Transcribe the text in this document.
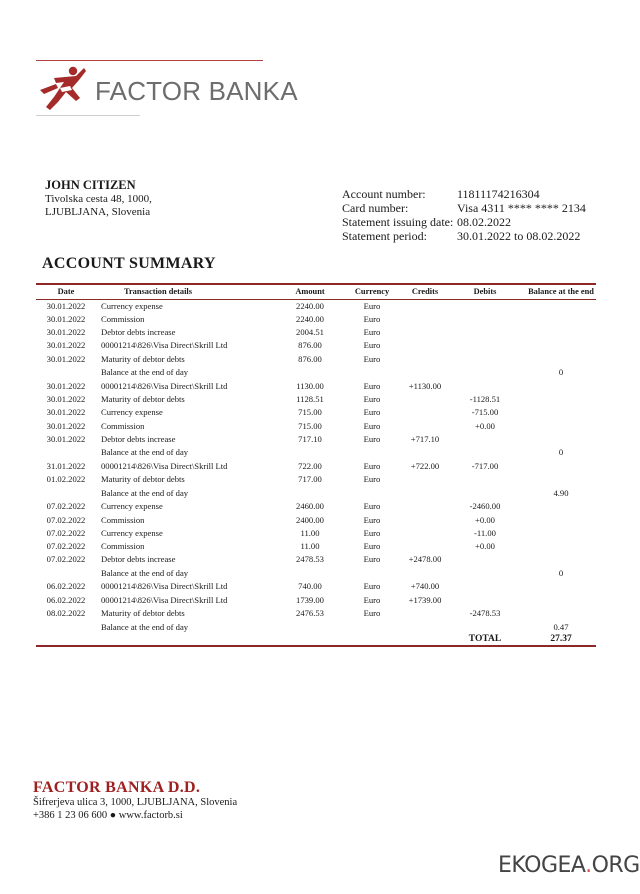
FACTOR BANKA
JOHN CITIZEN
Tivolska cesta 48, 1000,
LJUBLJANA, Slovenia
Account number:	11811174216304
Card number:	Visa 4311 **** **** 2134
Statement issuing date: 08.02.2022
Statement period:	30.01.2022 to 08.02.2022
ACCOUNT SUMMARY
Date	Transaction details	Amount	Currency	Credits	Debits	Balance at the end
30.01.2022	Currency expense	2240.00	Euro			
30.01.2022	Commission	2240.00	Euro			
30.01.2022	Debtor debts increase	2004.51	Euro			
30.01.2022	00001214\826\Visa Direct\Skrill Ltd	876.00	Euro			
30.01.2022	Maturity of debtor debts	876.00	Euro			
	Balance at the end of day					0
30.01.2022	00001214\826\Visa Direct\Skrill Ltd	1130.00	Euro	+1130.00		
30.01.2022	Maturity of debtor debts	1128.51	Euro		-1128.51	
30.01.2022	Currency expense	715.00	Euro		-715.00	
30.01.2022	Commission	715.00	Euro		+0.00	
30.01.2022	Debtor debts increase	717.10	Euro	+717.10		
	Balance at the end of day					0
31.01.2022	00001214\826\Visa Direct\Skrill Ltd	722.00	Euro	+722.00	-717.00	
01.02.2022	Maturity of debtor debts	717.00	Euro			
	Balance at the end of day					4.90
07.02.2022	Currency expense	2460.00	Euro		-2460.00	
07.02.2022	Commission	2400.00	Euro		+0.00	
07.02.2022	Currency expense	11.00	Euro		-11.00	
07.02.2022	Commission	11.00	Euro		+0.00	
07.02.2022	Debtor debts increase	2478.53	Euro	+2478.00		
	Balance at the end of day					0
06.02.2022	00001214\826\Visa Direct\Skrill Ltd	740.00	Euro	+740.00		
06.02.2022	00001214\826\Visa Direct\Skrill Ltd	1739.00	Euro	+1739.00		
08.02.2022	Maturity of debtor debts	2476.53	Euro		-2478.53	
	Balance at the end of day					0.47
					TOTAL	27.37
FACTOR BANKA D.D.
Šifrerjeva ulica 3, 1000, LJUBLJANA, Slovenia
+386 1 23 06 600 ● www.factorb.si
EKOGEA.ORG
